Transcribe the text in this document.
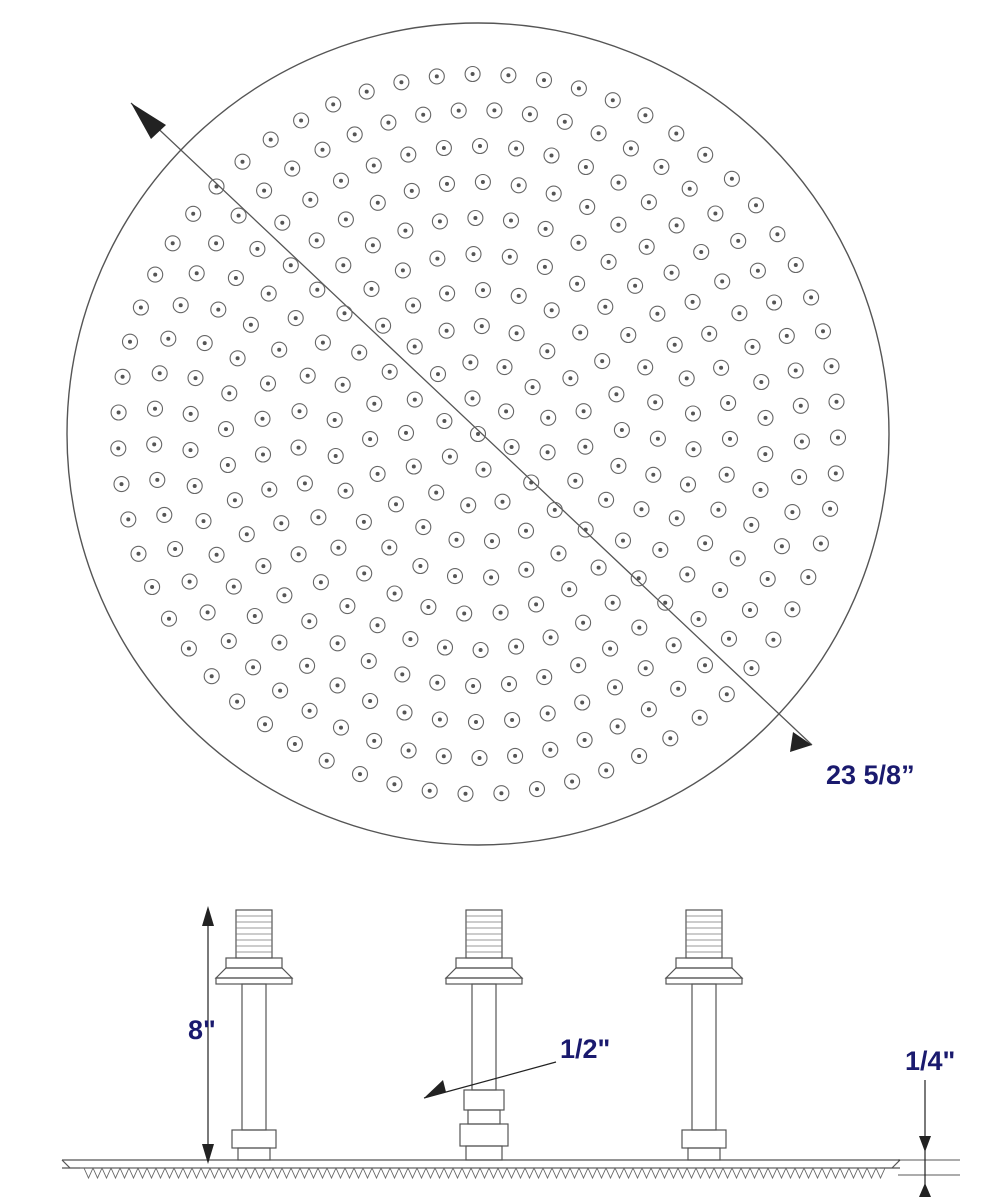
23 5/8”
8"
1/2"	1/4"
